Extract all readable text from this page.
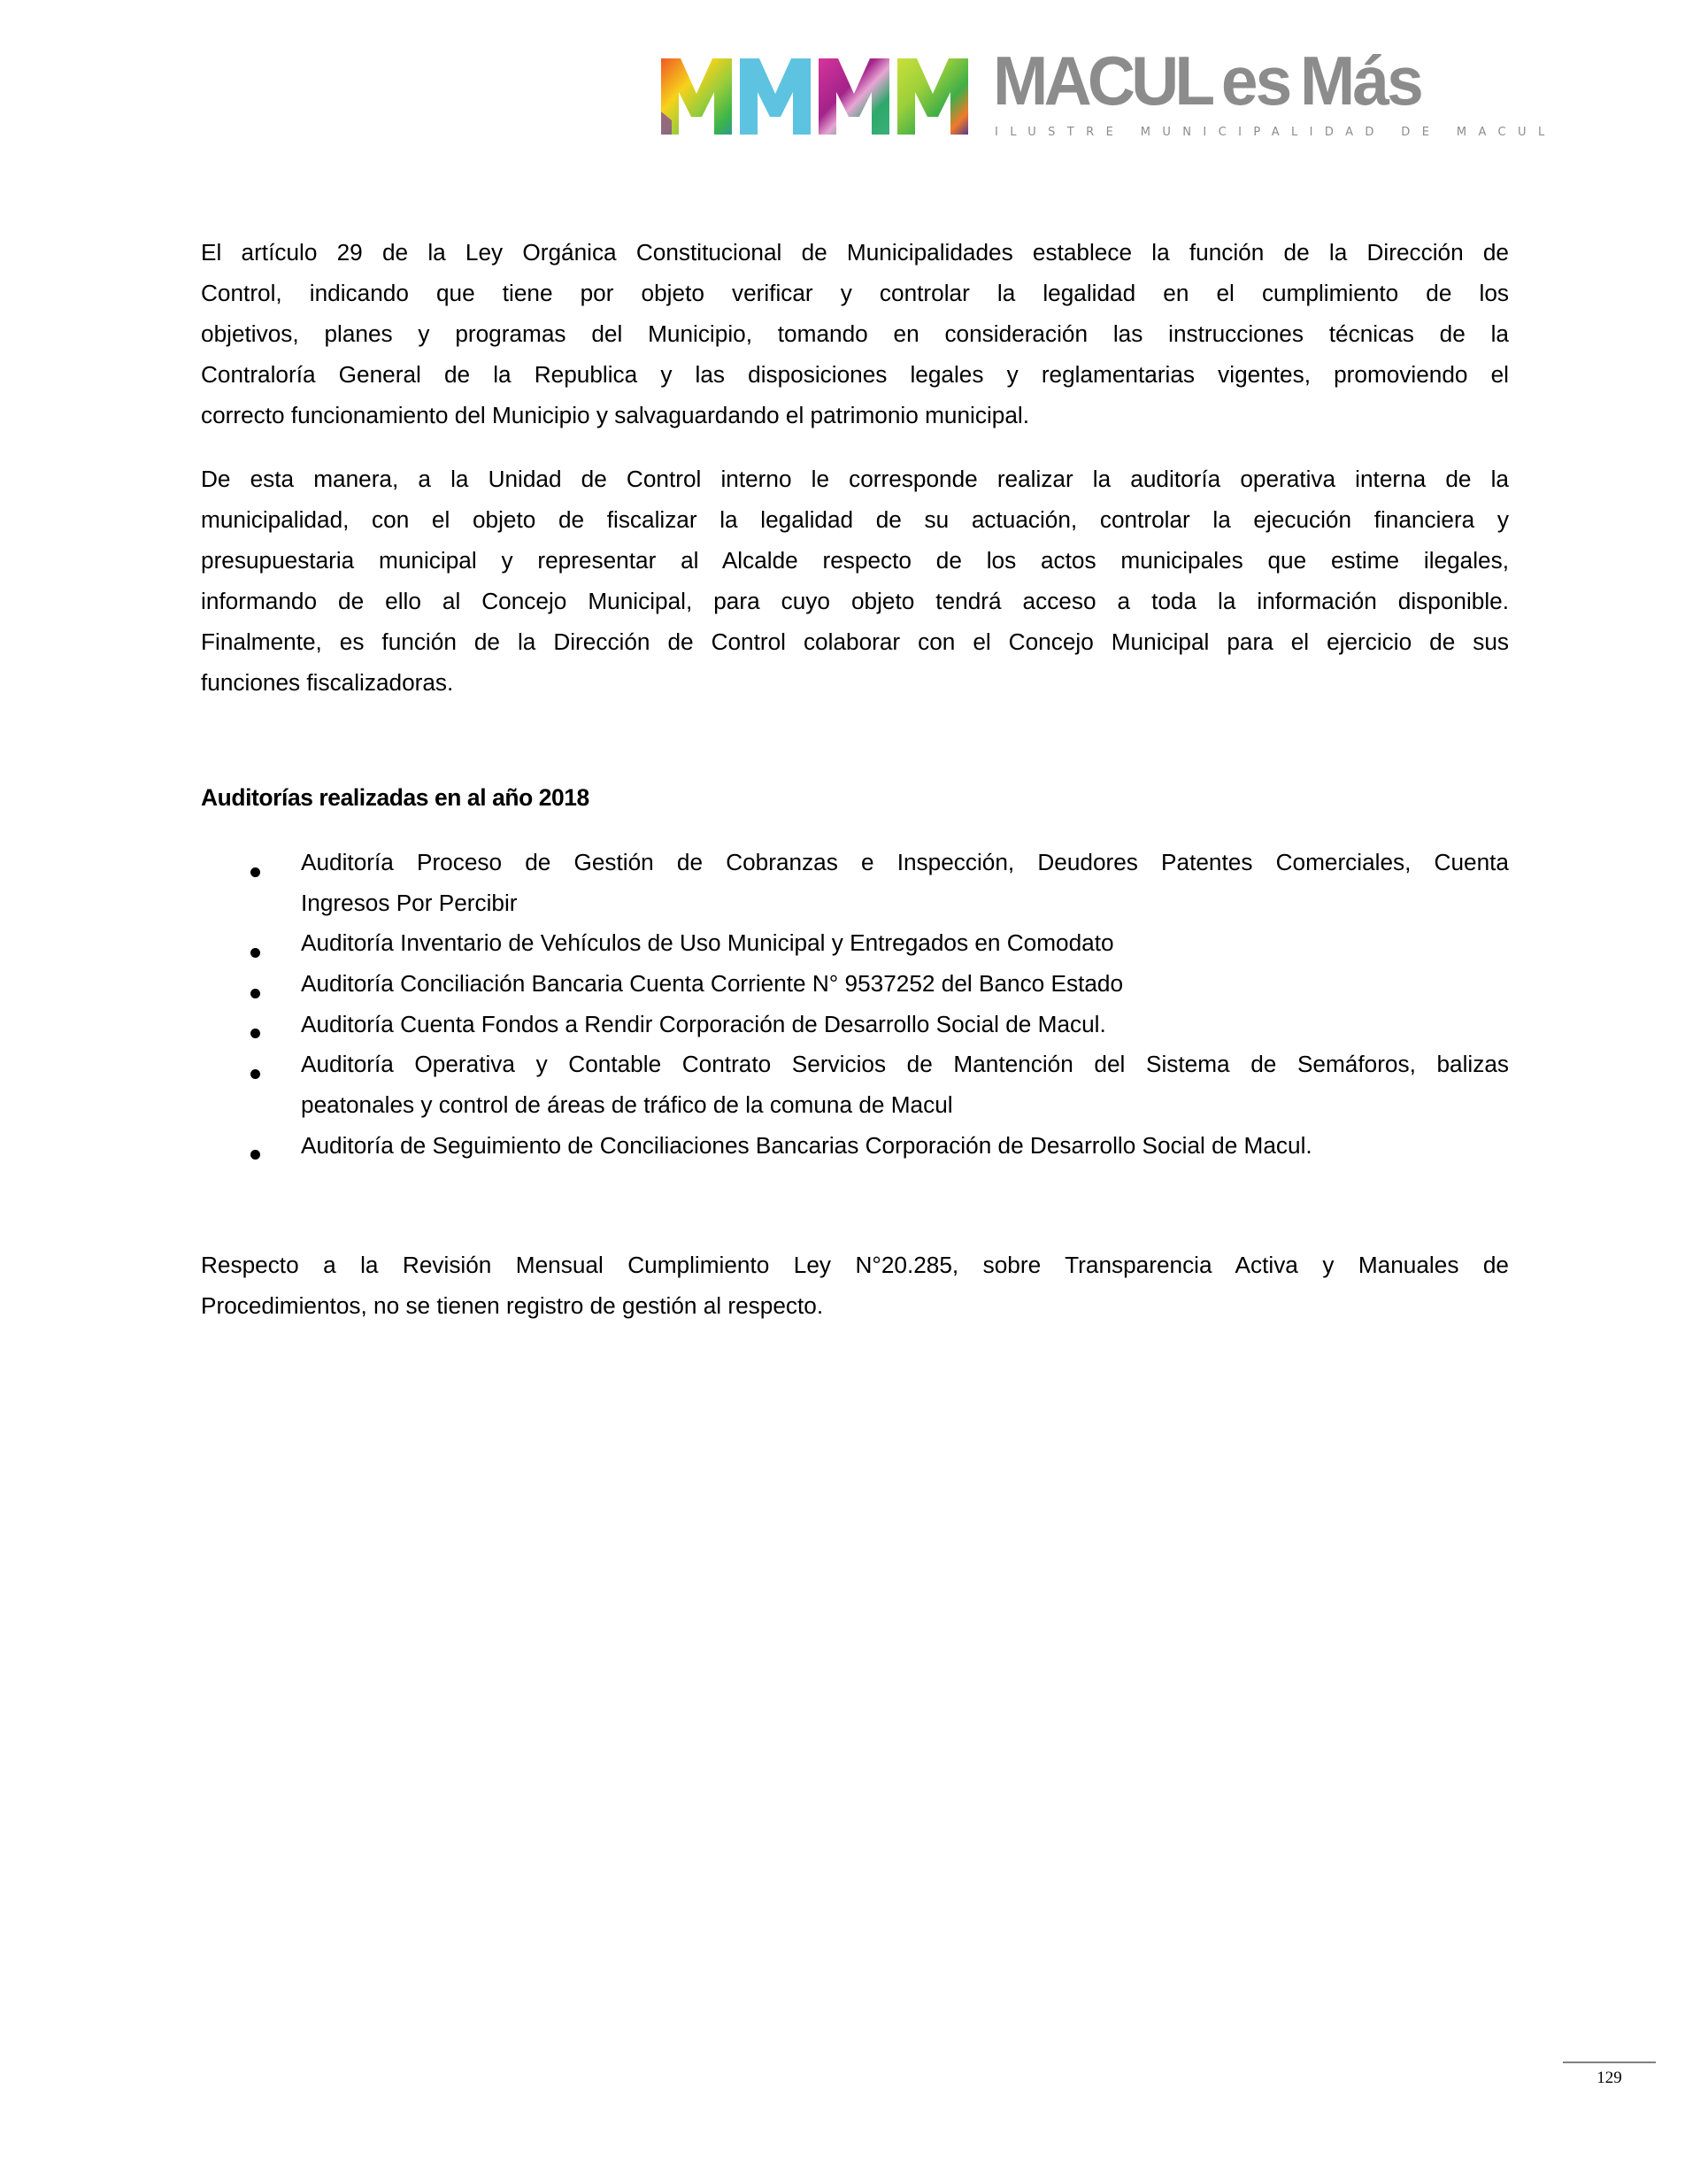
MACUL es Más
ILUSTRE MUNICIPALIDAD DE MACUL
El artículo 29 de la Ley Orgánica Constitucional de Municipalidades establece la función de la Dirección de
Control, indicando que tiene por objeto verificar y controlar la legalidad en el cumplimiento de los
objetivos, planes y programas del Municipio, tomando en consideración las instrucciones técnicas de la
Contraloría General de la Republica y las disposiciones legales y reglamentarias vigentes, promoviendo el
correcto funcionamiento del Municipio y salvaguardando el patrimonio municipal.
De esta manera, a la Unidad de Control interno le corresponde realizar la auditoría operativa interna de la
municipalidad, con el objeto de fiscalizar la legalidad de su actuación, controlar la ejecución financiera y
presupuestaria municipal y representar al Alcalde respecto de los actos municipales que estime ilegales,
informando de ello al Concejo Municipal, para cuyo objeto tendrá acceso a toda la información disponible.
Finalmente, es función de la Dirección de Control colaborar con el Concejo Municipal para el ejercicio de sus
funciones fiscalizadoras.
Auditorías realizadas en al año 2018
Auditoría Proceso de Gestión de Cobranzas e Inspección, Deudores Patentes Comerciales, Cuenta
Ingresos Por Percibir
Auditoría Inventario de Vehículos de Uso Municipal y Entregados en Comodato
Auditoría Conciliación Bancaria Cuenta Corriente N° 9537252 del Banco Estado
Auditoría Cuenta Fondos a Rendir Corporación de Desarrollo Social de Macul.
Auditoría Operativa y Contable Contrato Servicios de Mantención del Sistema de Semáforos, balizas
peatonales y control de áreas de tráfico de la comuna de Macul
Auditoría de Seguimiento de Conciliaciones Bancarias Corporación de Desarrollo Social de Macul.
Respecto a la Revisión Mensual Cumplimiento Ley N°20.285, sobre Transparencia Activa y Manuales de
Procedimientos, no se tienen registro de gestión al respecto.
129
